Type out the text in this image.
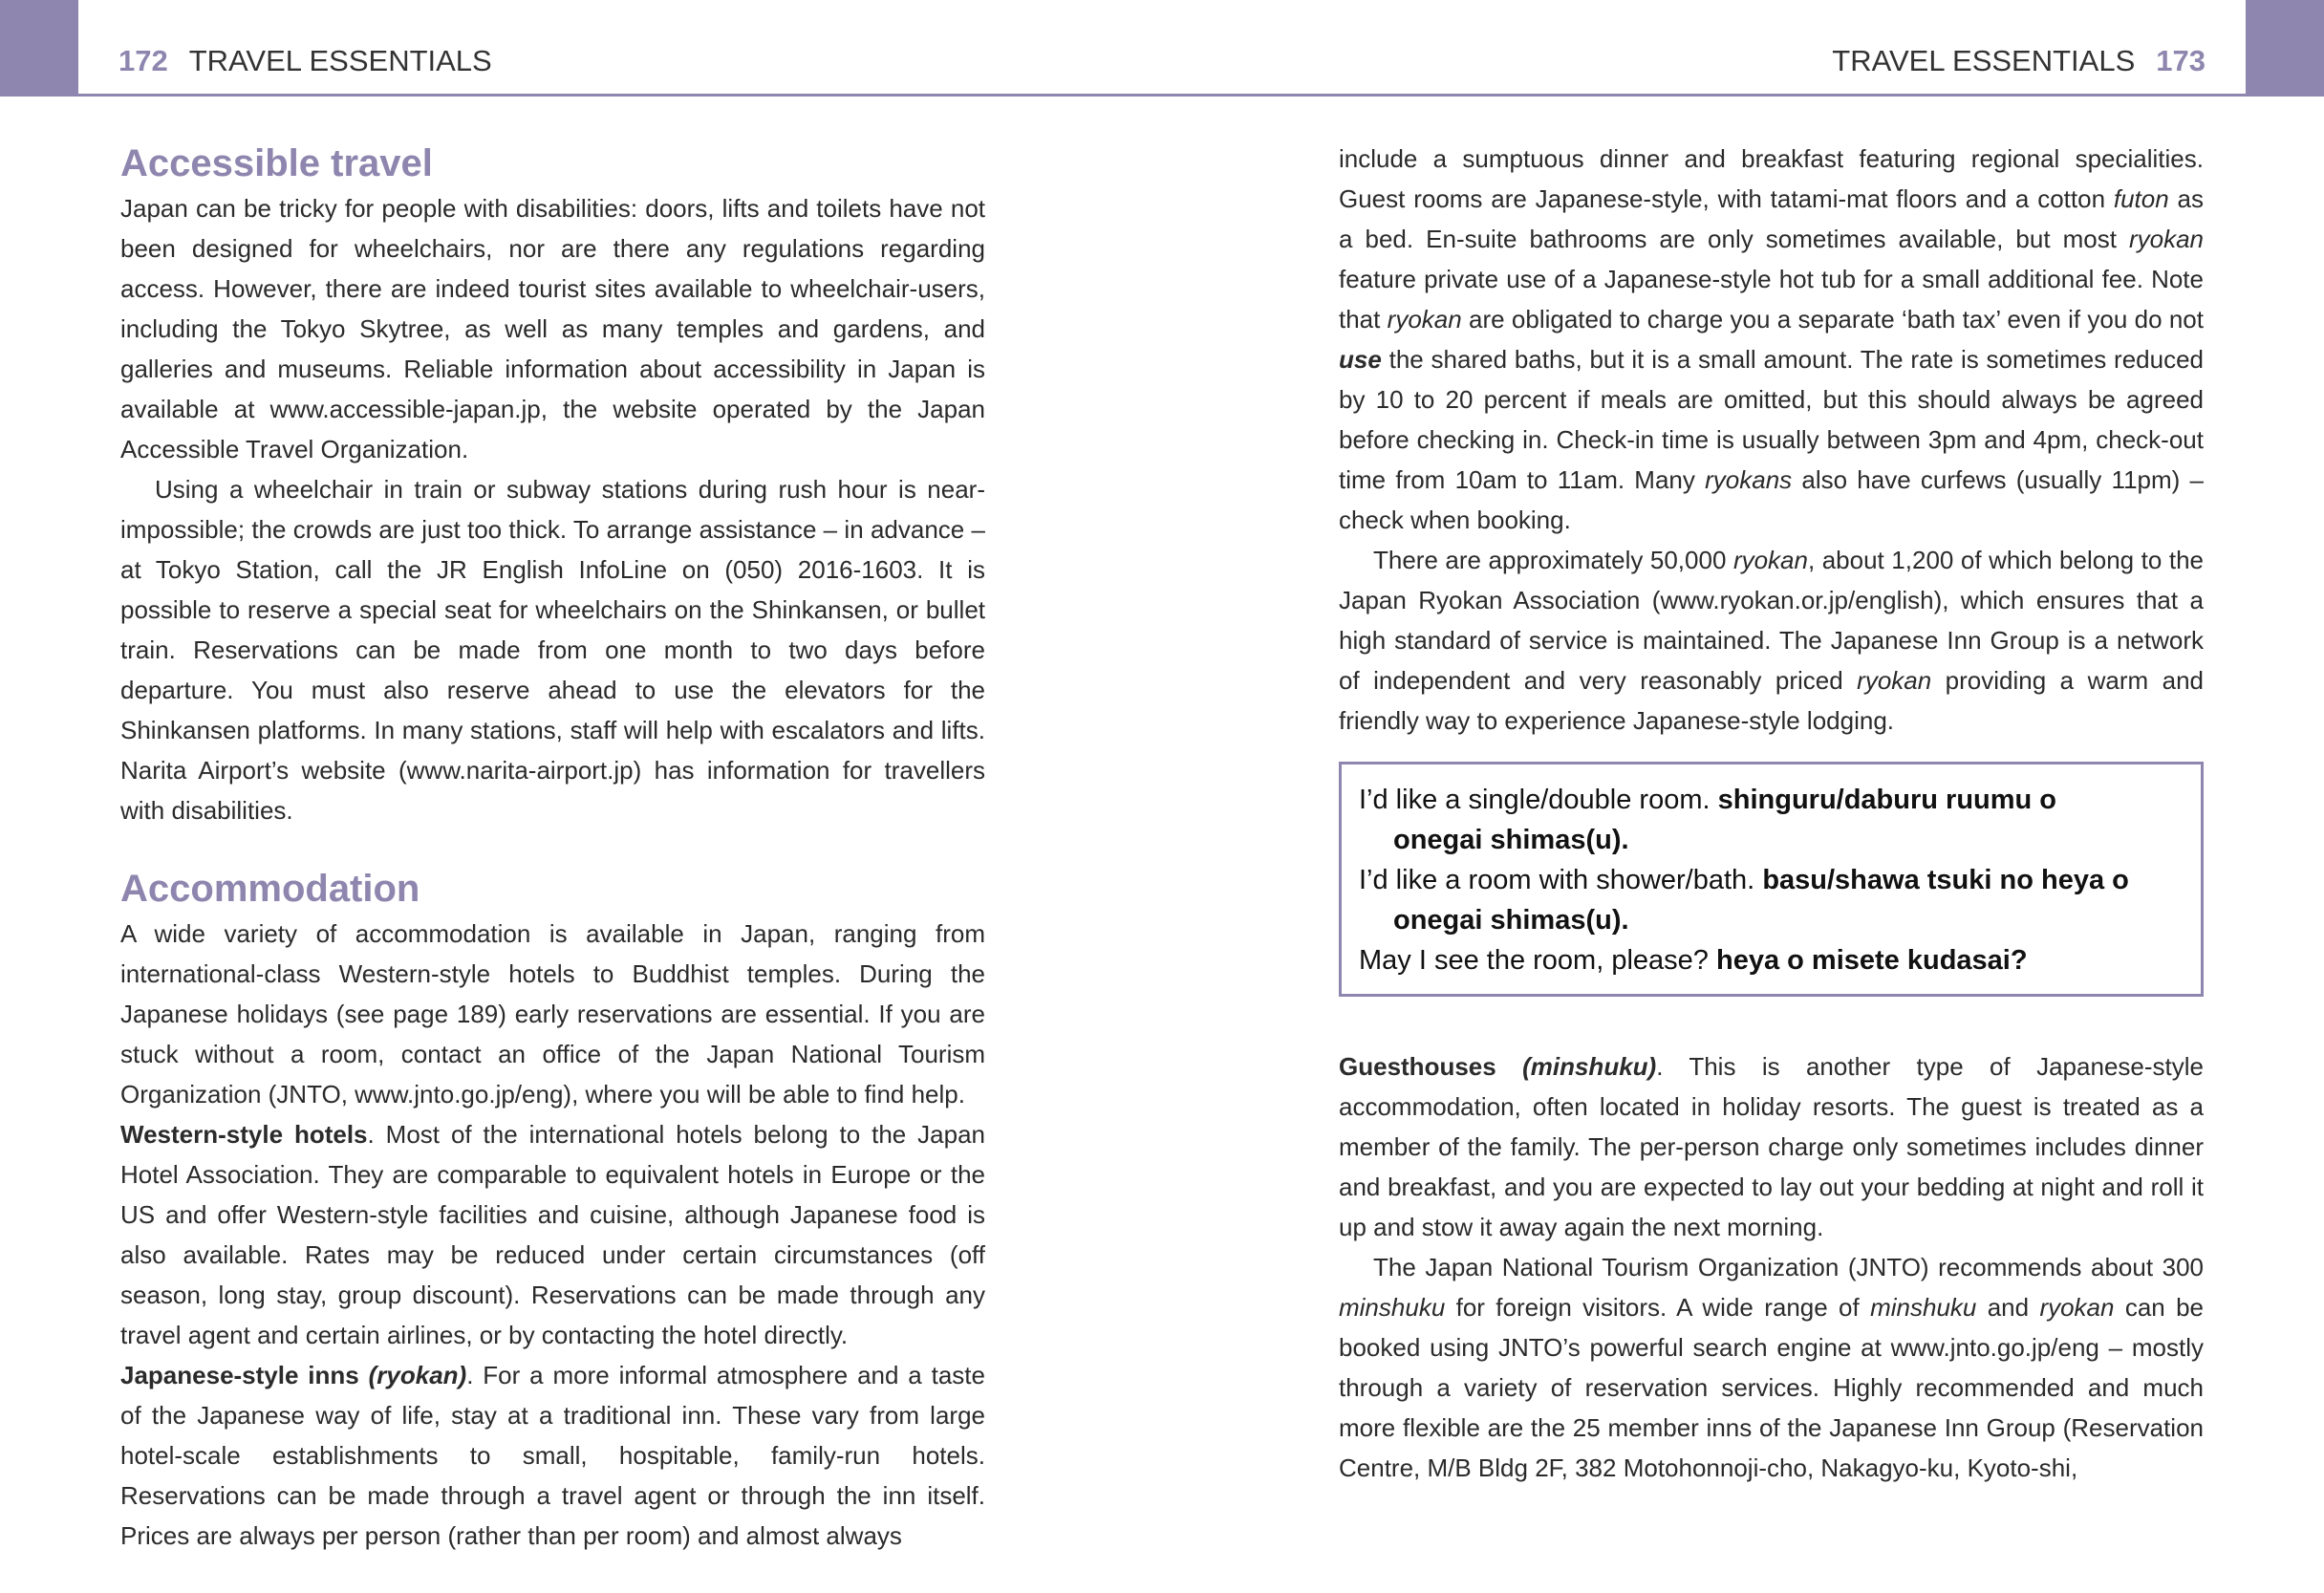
172 TRAVEL ESSENTIALS	TRAVEL ESSENTIALS 173
Accessible travel

Japan can be tricky for people with disabilities: doors, lifts and toilets have not been designed for wheelchairs, nor are there any regulations regarding access. However, there are indeed tourist sites available to wheelchair-users, including the Tokyo Skytree, as well as many temples and gardens, and galleries and museums. Reliable information about accessibility in Japan is available at www.accessible-japan.jp, the website operated by the Japan Accessible Travel Organization.

Using a wheelchair in train or subway stations during rush hour is near-impossible; the crowds are just too thick. To arrange assistance – in advance – at Tokyo Station, call the JR English InfoLine on (050) 2016-1603. It is possible to reserve a special seat for wheelchairs on the Shinkansen, or bullet train. Reservations can be made from one month to two days before departure. You must also reserve ahead to use the elevators for the Shinkansen platforms. In many stations, staff will help with escalators and lifts. Narita Airport’s website (www.narita-airport.jp) has information for travellers with disabilities.

Accommodation

A wide variety of accommodation is available in Japan, ranging from international-class Western-style hotels to Buddhist temples. During the Japanese holidays (see page 189) early reservations are essential. If you are stuck without a room, contact an office of the Japan National Tourism Organization (JNTO, www.jnto.go.jp/eng), where you will be able to find help.

Western-style hotels. Most of the international hotels belong to the Japan Hotel Association. They are comparable to equivalent hotels in Europe or the US and offer Western-style facilities and cuisine, although Japanese food is also available. Rates may be reduced under certain circumstances (off season, long stay, group discount). Reservations can be made through any travel agent and certain airlines, or by contacting the hotel directly.

Japanese-style inns (ryokan). For a more informal atmosphere and a taste of the Japanese way of life, stay at a traditional inn. These vary from large hotel-scale establishments to small, hospitable, family-run hotels. Reservations can be made through a travel agent or through the inn itself. Prices are always per person (rather than per room) and almost always

include a sumptuous dinner and breakfast featuring regional specialities. Guest rooms are Japanese-style, with tatami-mat floors and a cotton futon as a bed. En-suite bathrooms are only sometimes available, but most ryokan feature private use of a Japanese-style hot tub for a small additional fee. Note that ryokan are obligated to charge you a separate ‘bath tax’ even if you do not use the shared baths, but it is a small amount. The rate is sometimes reduced by 10 to 20 percent if meals are omitted, but this should always be agreed before checking in. Check-in time is usually between 3pm and 4pm, check-out time from 10am to 11am. Many ryokans also have curfews (usually 11pm) – check when booking.

There are approximately 50,000 ryokan, about 1,200 of which belong to the Japan Ryokan Association (www.ryokan.or.jp/english), which ensures that a high standard of service is maintained. The Japanese Inn Group is a network of independent and very reasonably priced ryokan providing a warm and friendly way to experience Japanese-style lodging.

I’d like a single/double room. shinguru/daburu ruumu o

onegai shimas(u).

I’d like a room with shower/bath. basu/shawa tsuki no heya o

onegai shimas(u).

May I see the room, please? heya o misete kudasai?

Guesthouses (minshuku). This is another type of Japanese-style accommodation, often located in holiday resorts. The guest is treated as a member of the family. The per-person charge only sometimes includes dinner and breakfast, and you are expected to lay out your bedding at night and roll it up and stow it away again the next morning.

The Japan National Tourism Organization (JNTO) recommends about 300 minshuku for foreign visitors. A wide range of minshuku and ryokan can be booked using JNTO’s powerful search engine at www.jnto.go.jp/eng – mostly through a variety of reservation services. Highly recommended and much more flexible are the 25 member inns of the Japanese Inn Group (Reservation Centre, M/B Bldg 2F, 382 Motohonnoji-cho, Nakagyo-ku, Kyoto-shi,
